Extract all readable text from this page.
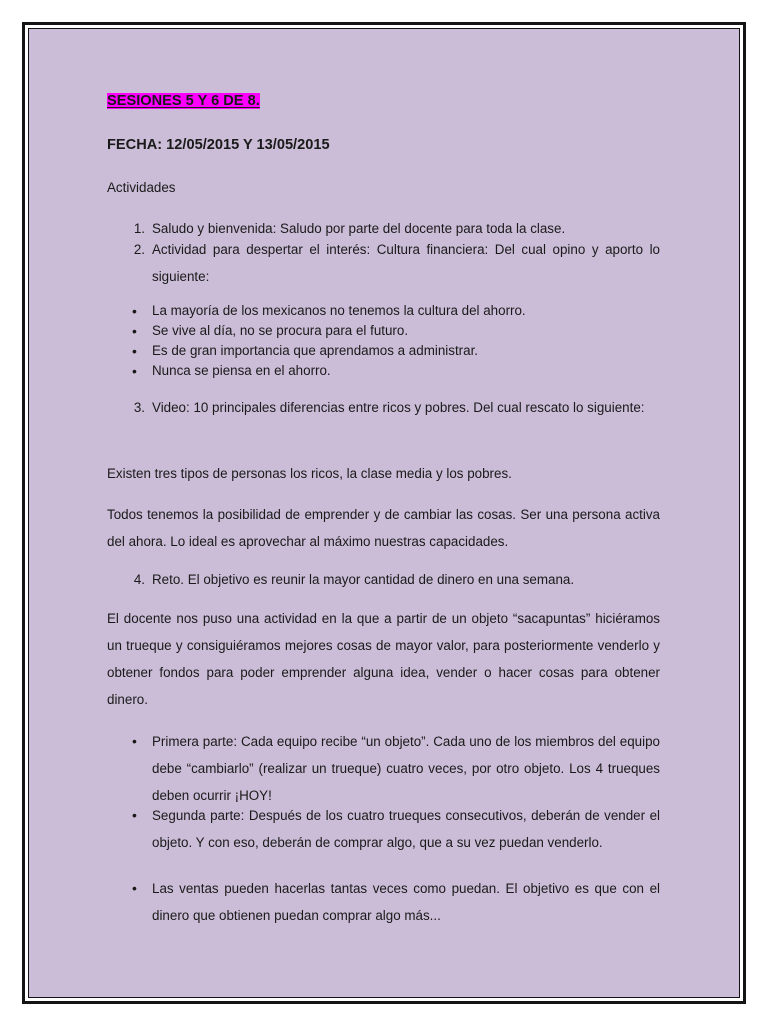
SESIONES 5 Y 6 DE 8.
FECHA: 12/05/2015 Y 13/05/2015
Actividades
1. Saludo y bienvenida: Saludo por parte del docente para toda la clase.
2. Actividad para despertar el interés: Cultura financiera: Del cual opino y aporto lo siguiente:
• La mayoría de los mexicanos no tenemos la cultura del ahorro.
• Se vive al día, no se procura para el futuro.
• Es de gran importancia que aprendamos a administrar.
• Nunca se piensa en el ahorro.
3. Video: 10 principales diferencias entre ricos y pobres. Del cual rescato lo siguiente:
Existen tres tipos de personas los ricos, la clase media y los pobres.
Todos tenemos la posibilidad de emprender y de cambiar las cosas. Ser una persona activa del ahora. Lo ideal es aprovechar al máximo nuestras capacidades.
4. Reto. El objetivo es reunir la mayor cantidad de dinero en una semana.
El docente nos puso una actividad en la que a partir de un objeto “sacapuntas” hiciéramos un trueque y consiguiéramos mejores cosas de mayor valor, para posteriormente venderlo y obtener fondos para poder emprender alguna idea, vender o hacer cosas para obtener dinero.
• Primera parte: Cada equipo recibe “un objeto”. Cada uno de los miembros del equipo debe “cambiarlo” (realizar un trueque) cuatro veces, por otro objeto. Los 4 trueques deben ocurrir ¡HOY!
• Segunda parte: Después de los cuatro trueques consecutivos, deberán de vender el objeto. Y con eso, deberán de comprar algo, que a su vez puedan venderlo.
• Las ventas pueden hacerlas tantas veces como puedan. El objetivo es que con el dinero que obtienen puedan comprar algo más...
